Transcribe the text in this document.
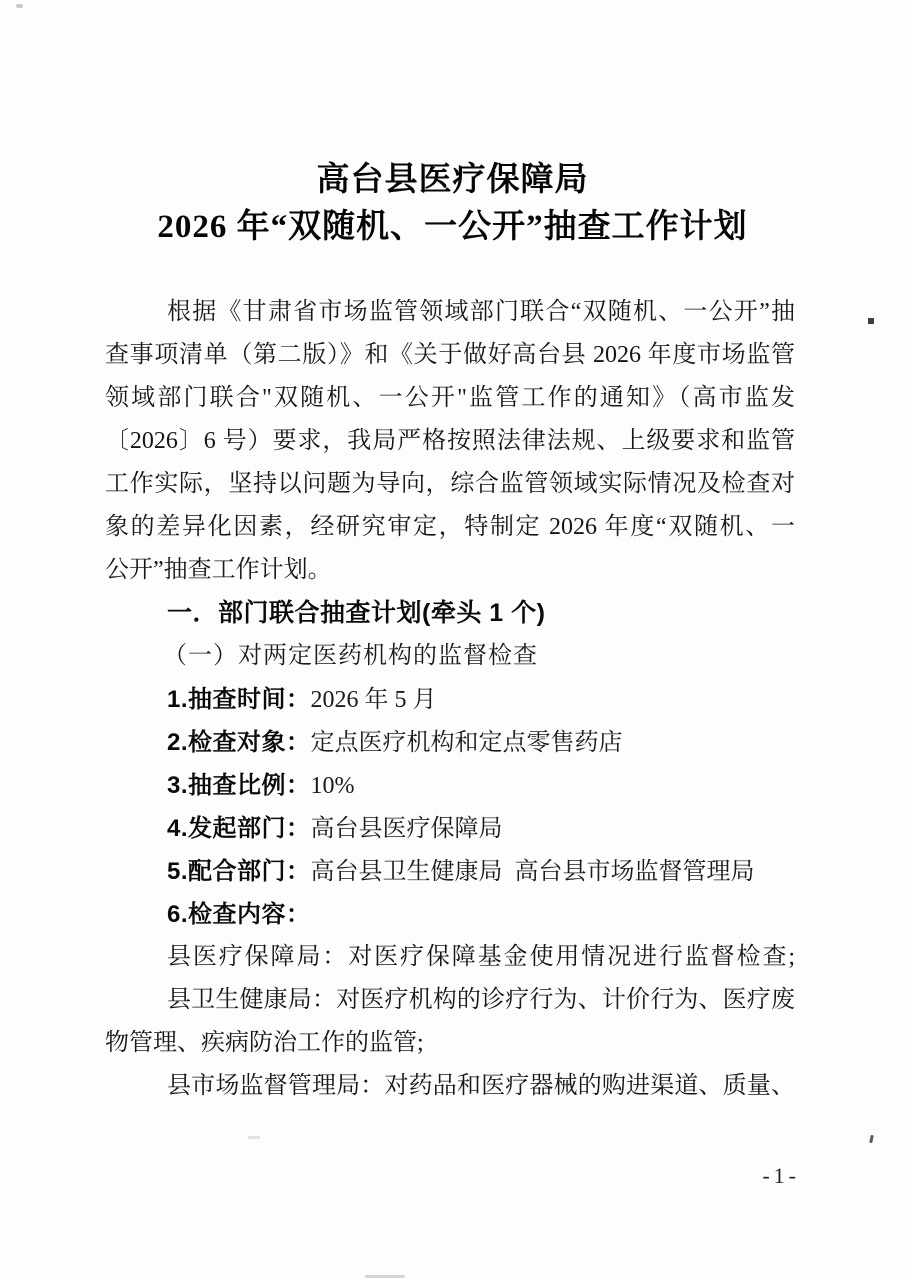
高台县医疗保障局
2026 年“双随机、一公开”抽查工作计划
根据《甘肃省市场监管领域部门联合“双随机、一公开”抽
查事项清单（第二版）》和《关于做好高台县 2026 年度市场监管
领域部门联合"双随机、一公开"监管工作的通知》（高市监发
〔2026〕6 号）要求，我局严格按照法律法规、上级要求和监管
工作实际，坚持以问题为导向，综合监管领域实际情况及检查对
象的差异化因素，经研究审定，特制定 2026 年度“双随机、一
公开”抽查工作计划。
一．部门联合抽查计划(牵头 1 个)
（一）对两定医药机构的监督检查
1.抽查时间：2026 年 5 月
2.检查对象：定点医疗机构和定点零售药店
3.抽查比例：10%
4.发起部门：高台县医疗保障局
5.配合部门：高台县卫生健康局 高台县市场监督管理局
6.检查内容：
县医疗保障局：对医疗保障基金使用情况进行监督检查;
县卫生健康局：对医疗机构的诊疗行为、计价行为、医疗废
物管理、疾病防治工作的监管;
县市场监督管理局：对药品和医疗器械的购进渠道、质量、
-1-
